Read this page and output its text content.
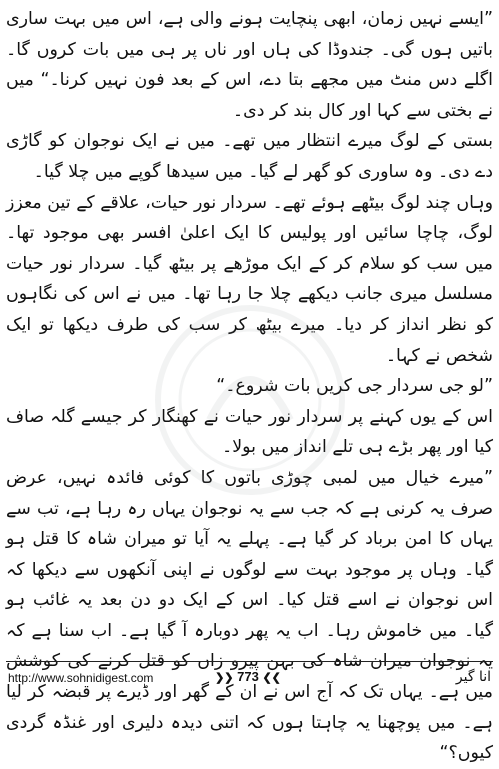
”ایسے نہیں زمان، ابھی پنچایت ہونے والی ہے، اس میں بہت ساری باتیں ہوں گی۔ جندوڈا کی ہاں اور ناں پر ہی میں بات کروں گا۔ اگلے دس منٹ میں مجھے بتا دے، اس کے بعد فون نہیں کرنا۔“ میں نے بختی سے کہا اور کال بند کر دی۔

بستی کے لوگ میرے انتظار میں تھے۔ میں نے ایک نوجوان کو گاڑی دے دی۔ وہ ساوری کو گھر لے گیا۔ میں سیدھا گوپے میں چلا گیا۔

وہاں چند لوگ بیٹھے ہوئے تھے۔ سردار نور حیات، علاقے کے تین معزز لوگ، چاچا سائیں اور پولیس کا ایک اعلیٰ افسر بھی موجود تھا۔ میں سب کو سلام کر کے ایک موڑھے پر بیٹھ گیا۔ سردار نور حیات مسلسل میری جانب دیکھے چلا جا رہا تھا۔ میں نے اس کی نگاہوں کو نظر انداز کر دیا۔ میرے بیٹھ کر سب کی طرف دیکھا تو ایک شخص نے کہا۔

”لو جی سردار جی کریں بات شروع۔“

اس کے یوں کہنے پر سردار نور حیات نے کھنگار کر جیسے گلہ صاف کیا اور پھر بڑے ہی تلے انداز میں بولا۔

”میرے خیال میں لمبی چوڑی باتوں کا کوئی فائدہ نہیں، عرض صرف یہ کرنی ہے کہ جب سے یہ نوجوان یہاں رہ رہا ہے، تب سے یہاں کا امن برباد کر گیا ہے۔ پہلے یہ آیا تو میران شاہ کا قتل ہو گیا۔ وہاں پر موجود بہت سے لوگوں نے اپنی آنکھوں سے دیکھا کہ اس نوجوان نے اسے قتل کیا۔ اس کے ایک دو دن بعد یہ غائب ہو گیا۔ میں خاموش رہا۔ اب یہ پھر دوبارہ آ گیا ہے۔ اب سنا ہے کہ یہ نوجوان میران شاہ کی بہن پیرو زاں کو قتل کرنے کی کوشش میں ہے۔ یہاں تک کہ آج اس نے ان کے گھر اور ڈیرے پر قبضہ کر لیا ہے۔ میں پوچھنا یہ چاہتا ہوں کہ اتنی دیدہ دلیری اور غنڈہ گردی کیوں؟“

http://www.sohnidigest.com	❯❯ 773 ❮❮	انا گیر
